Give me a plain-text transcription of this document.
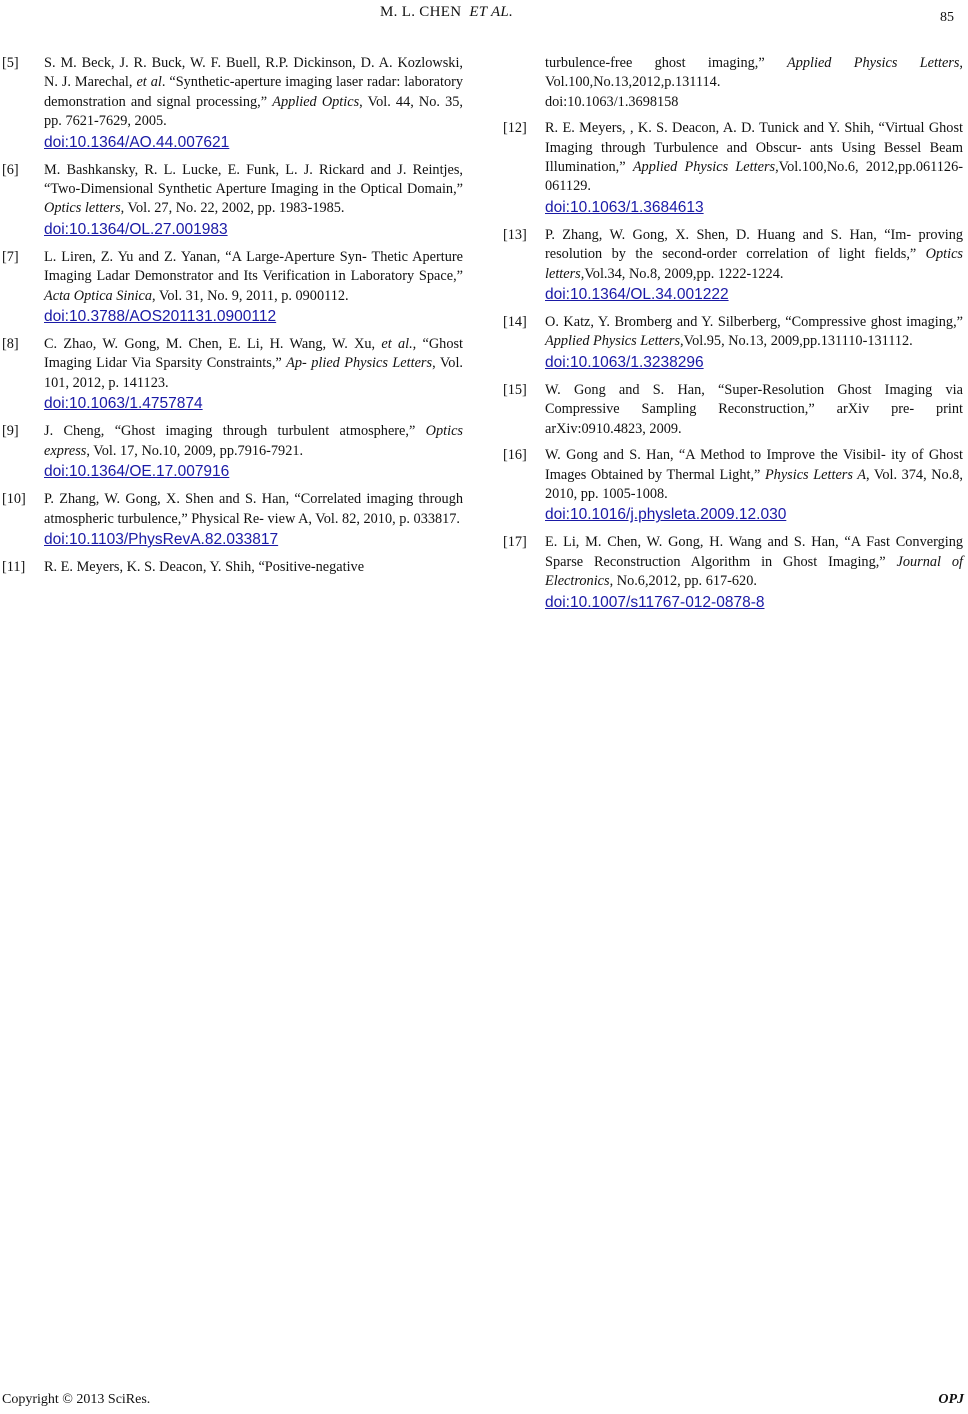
M. L. CHEN ET AL.	85
[5] S. M. Beck, J. R. Buck, W. F. Buell, R.P. Dickinson, D. A. Kozlowski, N. J. Marechal, et al. “Synthetic-aperture imaging laser radar: laboratory demonstration and signal processing,” Applied Optics, Vol. 44, No. 35, pp. 7621-7629, 2005.
doi:10.1364/AO.44.007621
[6] M. Bashkansky, R. L. Lucke, E. Funk, L. J. Rickard and J. Reintjes, “Two-Dimensional Synthetic Aperture Imaging in the Optical Domain,” Optics letters, Vol. 27, No. 22, 2002, pp. 1983-1985.
doi:10.1364/OL.27.001983
[7] L. Liren, Z. Yu and Z. Yanan, “A Large-Aperture Syn- Thetic Aperture Imaging Ladar Demonstrator and Its Verification in Laboratory Space,” Acta Optica Sinica, Vol. 31, No. 9, 2011, p. 0900112.
doi:10.3788/AOS201131.0900112
[8] C. Zhao, W. Gong, M. Chen, E. Li, H. Wang, W. Xu, et al., “Ghost Imaging Lidar Via Sparsity Constraints,” Ap- plied Physics Letters, Vol. 101, 2012, p. 141123.
doi:10.1063/1.4757874
[9] J. Cheng, “Ghost imaging through turbulent atmosphere,” Optics express, Vol. 17, No.10, 2009, pp.7916-7921.
doi:10.1364/OE.17.007916
[10] P. Zhang, W. Gong, X. Shen and S. Han, “Correlated imaging through atmospheric turbulence,” Physical Re- view A, Vol. 82, 2010, p. 033817.
doi:10.1103/PhysRevA.82.033817
[11] R. E. Meyers, K. S. Deacon, Y. Shih, “Positive-negative
turbulence-free ghost imaging,” Applied Physics Letters, Vol.100,No.13,2012,p.131114.
doi:10.1063/1.3698158
[12] R. E. Meyers, , K. S. Deacon, A. D. Tunick and Y. Shih, “Virtual Ghost Imaging through Turbulence and Obscur- ants Using Bessel Beam Illumination,” Applied Physics Letters,Vol.100,No.6, 2012,pp.061126-061129.
doi:10.1063/1.3684613
[13] P. Zhang, W. Gong, X. Shen, D. Huang and S. Han, “Im- proving resolution by the second-order correlation of light fields,” Optics letters,Vol.34, No.8, 2009,pp. 1222-1224.
doi:10.1364/OL.34.001222
[14] O. Katz, Y. Bromberg and Y. Silberberg, “Compressive ghost imaging,” Applied Physics Letters,Vol.95, No.13, 2009,pp.131110-131112.
doi:10.1063/1.3238296
[15] W. Gong and S. Han, “Super-Resolution Ghost Imaging via Compressive Sampling Reconstruction,” arXiv pre- print arXiv:0910.4823, 2009.
[16] W. Gong and S. Han, “A Method to Improve the Visibil- ity of Ghost Images Obtained by Thermal Light,” Physics Letters A, Vol. 374, No.8, 2010, pp. 1005-1008.
doi:10.1016/j.physleta.2009.12.030
[17] E. Li, M. Chen, W. Gong, H. Wang and S. Han, “A Fast Converging Sparse Reconstruction Algorithm in Ghost Imaging,” Journal of Electronics, No.6,2012, pp. 617-620.
doi:10.1007/s11767-012-0878-8
Copyright © 2013 SciRes.	OPJ
